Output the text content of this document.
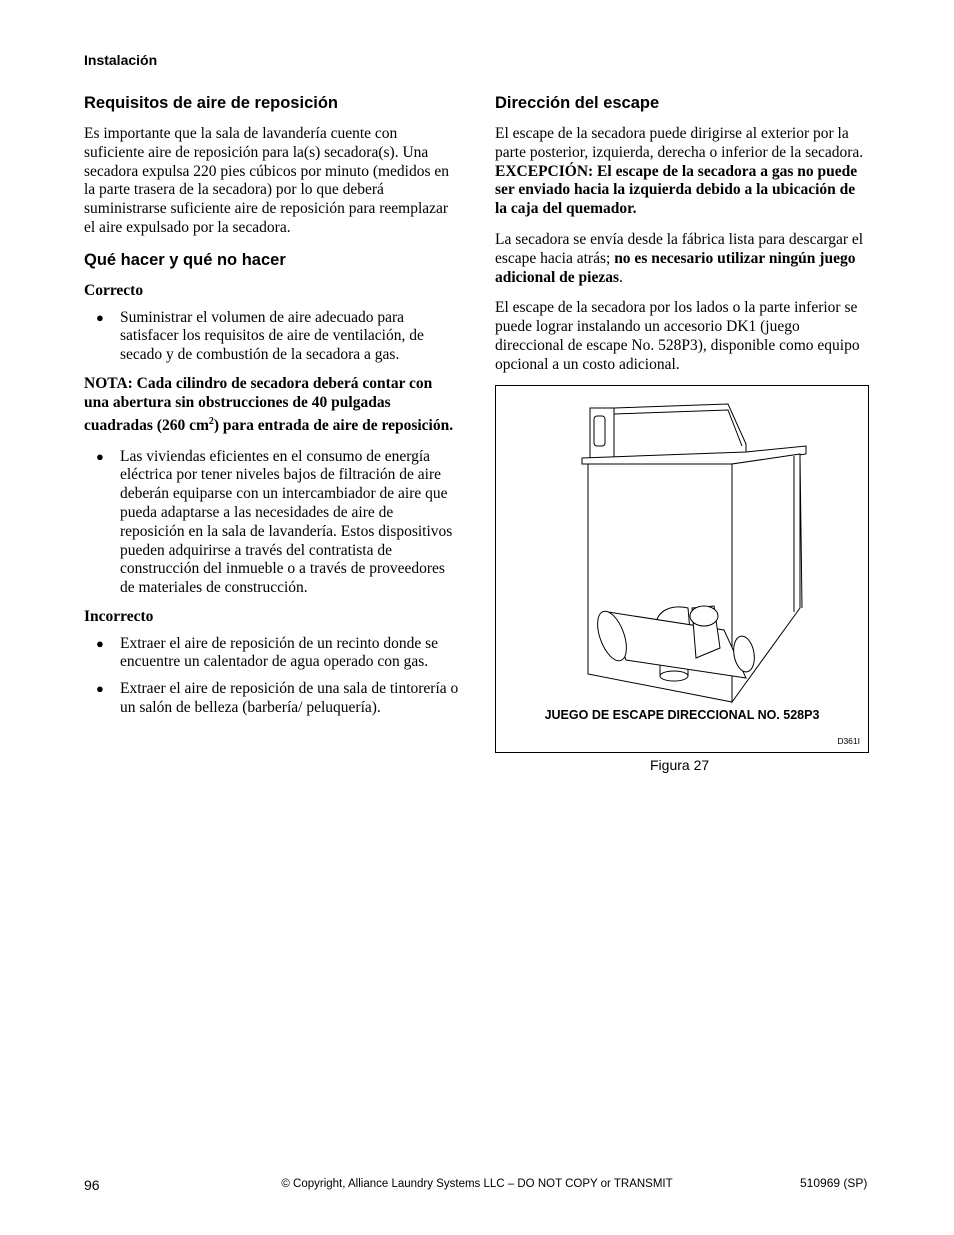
Instalación
Requisitos de aire de reposición

Es importante que la sala de lavandería cuente con suficiente aire de reposición para la(s) secadora(s). Una secadora expulsa 220 pies cúbicos por minuto (medidos en la parte trasera de la secadora) por lo que deberá suministrarse suficiente aire de reposición para reemplazar el aire expulsado por la secadora.

Qué hacer y qué no hacer
Correcto
● Suministrar el volumen de aire adecuado para satisfacer los requisitos de aire de ventilación, de secado y de combustión de la secadora a gas.

NOTA: Cada cilindro de secadora deberá contar con una abertura sin obstrucciones de 40 pulgadas cuadradas (260 $cm^2$) para entrada de aire de reposición.

● Las viviendas eficientes en el consumo de energía eléctrica por tener niveles bajos de filtración de aire deberán equiparse con un intercambiador de aire que pueda adaptarse a las necesidades de aire de reposición en la sala de lavandería. Estos dispositivos pueden adquirirse a través del contratista de construcción del inmueble o a través de proveedores de materiales de construcción.
Incorrecto
● Extraer el aire de reposición de un recinto donde se encuentre un calentador de agua operado con gas.
● Extraer el aire de reposición de una sala de tintorería o un salón de belleza (barbería/ peluquería).
Dirección del escape

El escape de la secadora puede dirigirse al exterior por la parte posterior, izquierda, derecha o inferior de la secadora. EXCEPCIÓN: El escape de la secadora a gas no puede ser enviado hacia la izquierda debido a la ubicación de la caja del quemador.

La secadora se envía desde la fábrica lista para descargar el escape hacia atrás; no es necesario utilizar ningún juego adicional de piezas.

El escape de la secadora por los lados o la parte inferior se puede lograr instalando un accesorio DK1 (juego direccional de escape No. 528P3), disponible como equipo opcional a un costo adicional.

JUEGO DE ESCAPE DIRECCIONAL NO. 528P3
D361I
Figura 27
96	© Copyright, Alliance Laundry Systems LLC – DO NOT COPY or TRANSMIT	510969 (SP)
